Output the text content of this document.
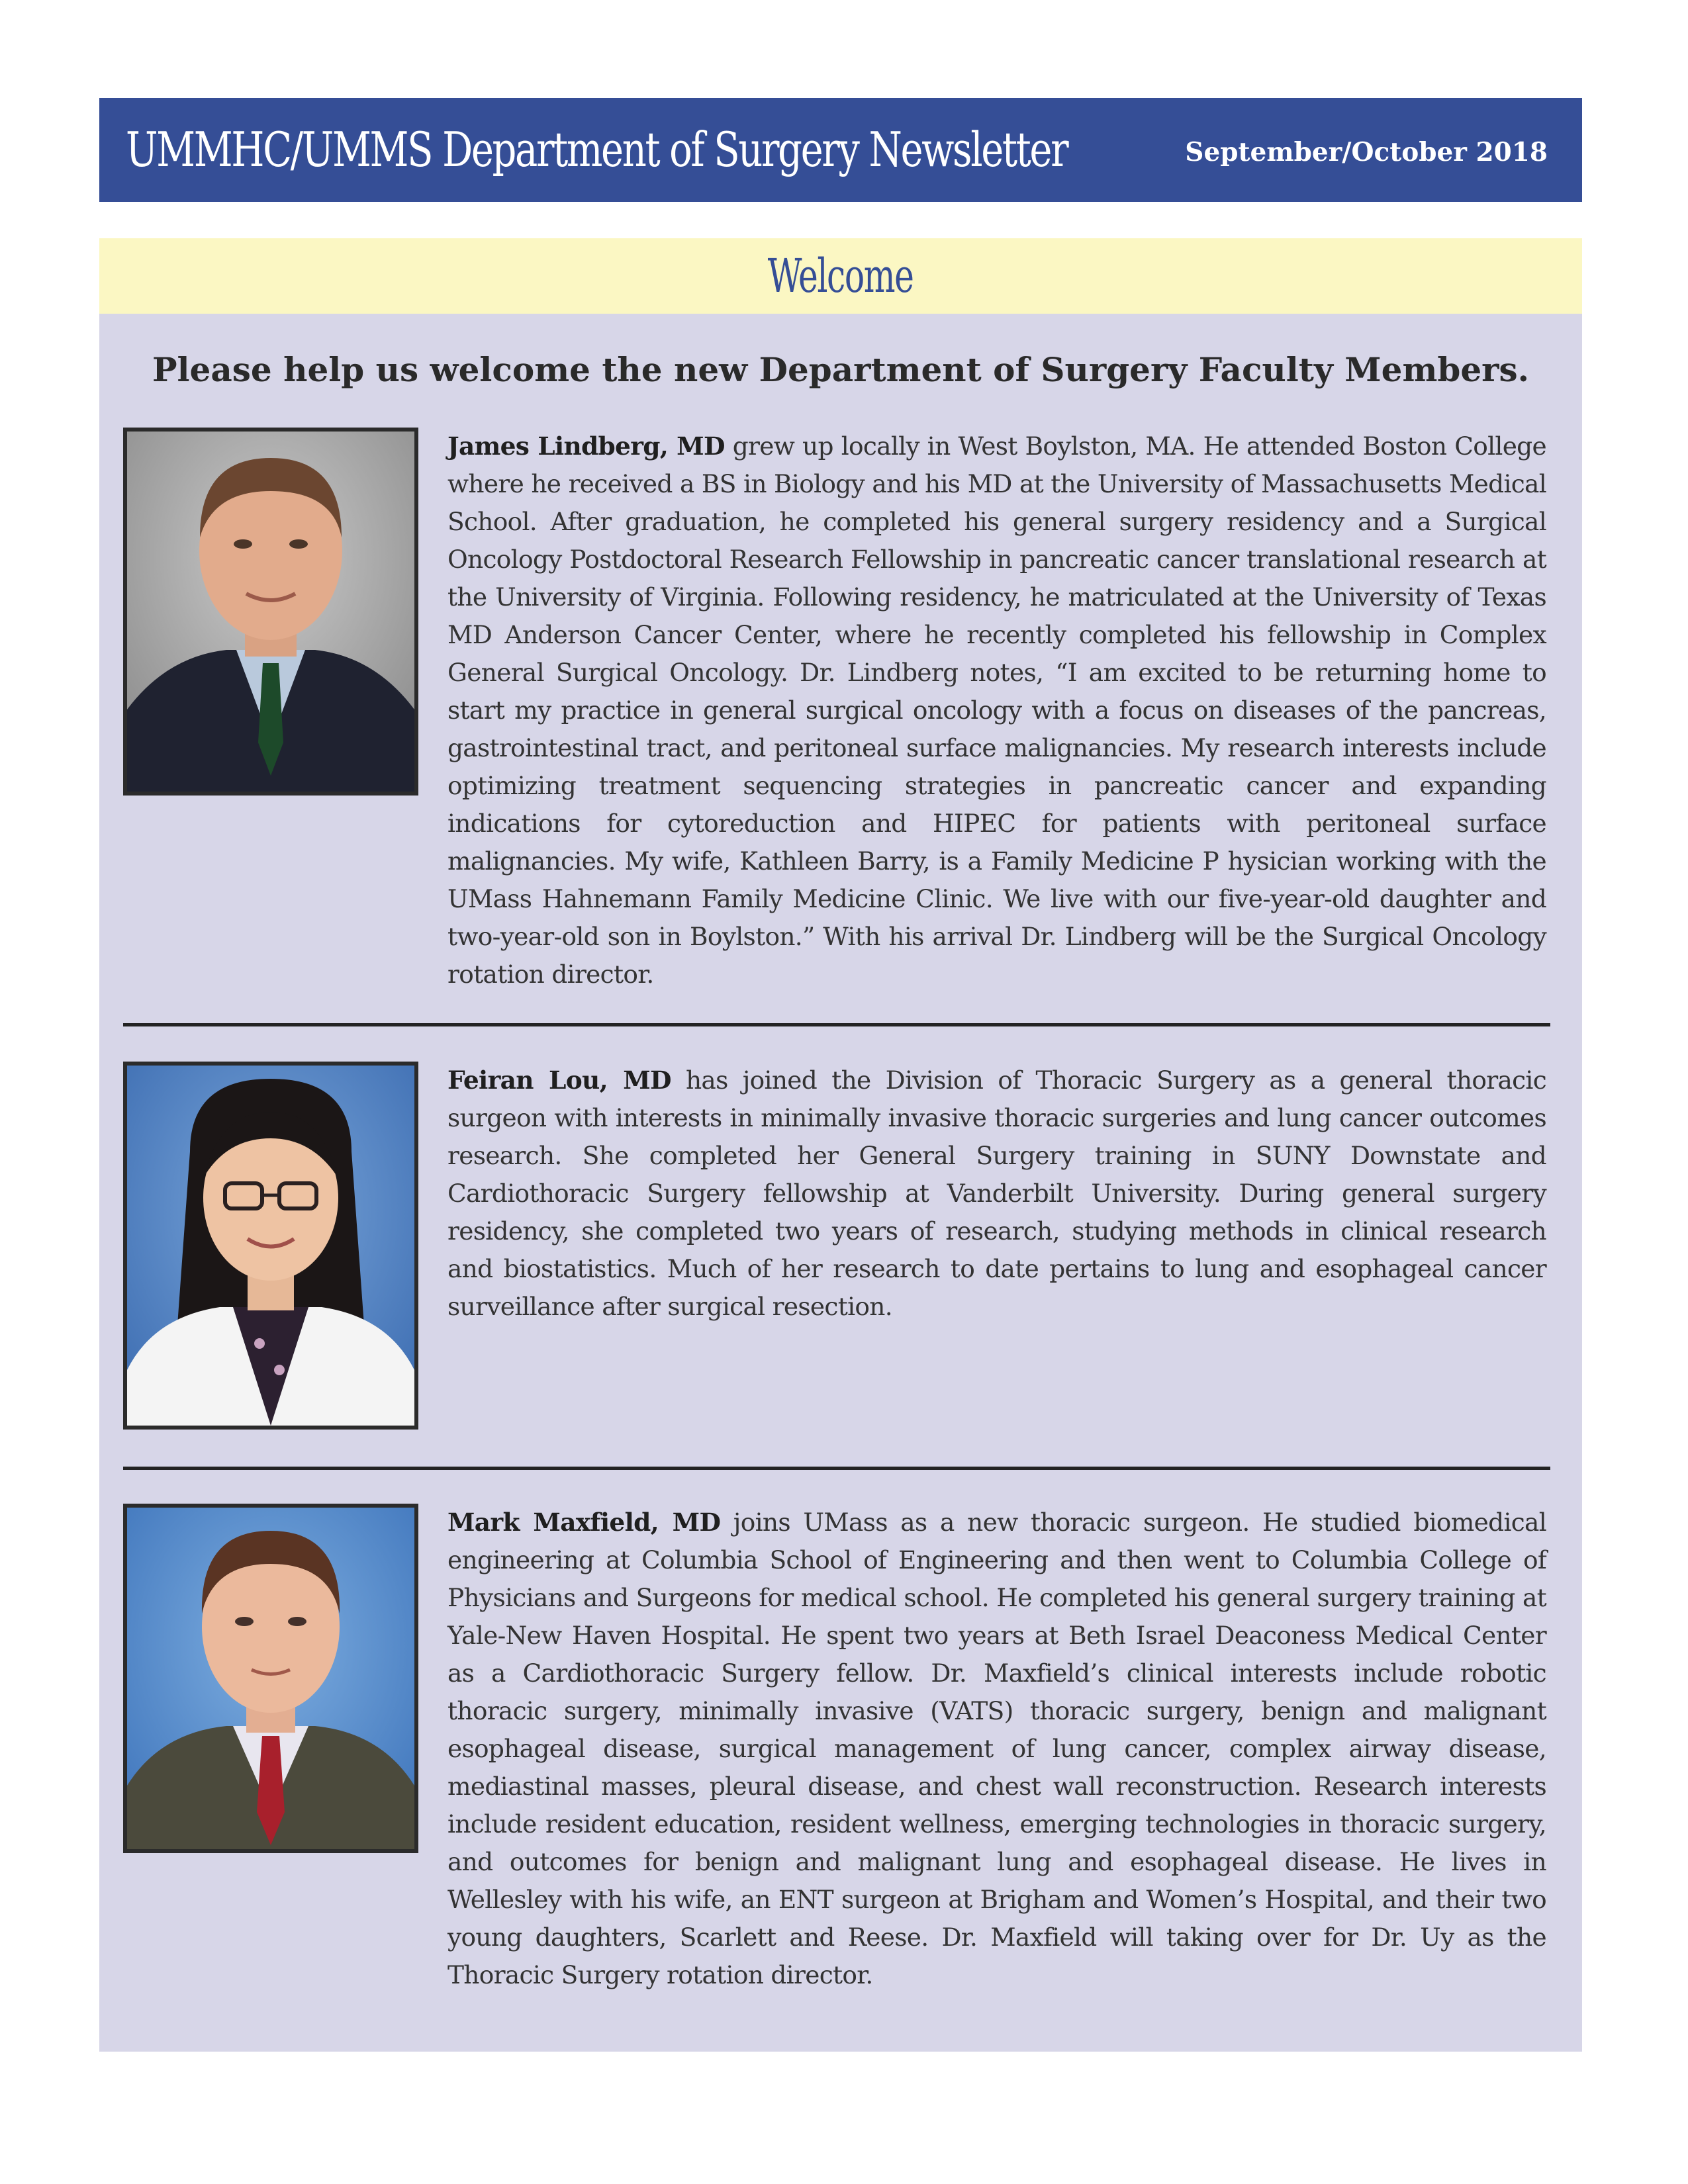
UMMHC/UMMS Department of Surgery Newsletter	September/October 2018
Welcome
Please help us welcome the new Department of Surgery Faculty Members.
James Lindberg, MD grew up locally in West Boylston, MA. He attended Boston College where he received a BS in Biology and his MD at the University of Massachusetts Medical School. After graduation, he completed his general surgery residency and a Surgical Oncology Postdoctoral Research Fellowship in pancreatic cancer translational research at the University of Virginia. Following residency, he matriculated at the University of Texas MD Anderson Cancer Center, where he recently completed his fellowship in Complex General Surgical Oncology. Dr. Lindberg notes, “I am excited to be returning home to start my practice in general surgical oncology with a focus on diseases of the pancreas, gastrointestinal tract, and peritoneal surface malignancies. My research interests include optimizing treatment sequencing strategies in pancreatic cancer and expanding indications for cytoreduction and HIPEC for patients with peritoneal surface malignancies. My wife, Kathleen Barry, is a Family Medicine P hysician working with the UMass Hahnemann Family Medicine Clinic. We live with our five-year-old daughter and two-year-old son in Boylston.” With his arrival Dr. Lindberg will be the Surgical Oncology rotation director.
Feiran Lou, MD has joined the Division of Thoracic Surgery as a general thoracic surgeon with interests in minimally invasive thoracic surgeries and lung cancer outcomes research. She completed her General Surgery training in SUNY Downstate and Cardiothoracic Surgery fellowship at Vanderbilt University. During general surgery residency, she completed two years of research, studying methods in clinical research and biostatistics. Much of her research to date pertains to lung and esophageal cancer surveillance after surgical resection.
Mark Maxfield, MD joins UMass as a new thoracic surgeon. He studied biomedical engineering at Columbia School of Engineering and then went to Columbia College of Physicians and Surgeons for medical school. He completed his general surgery training at Yale-New Haven Hospital. He spent two years at Beth Israel Deaconess Medical Center as a Cardiothoracic Surgery fellow. Dr. Maxfield’s clinical interests include robotic thoracic surgery, minimally invasive (VATS) thoracic surgery, benign and malignant esophageal disease, surgical management of lung cancer, complex airway disease, mediastinal masses, pleural disease, and chest wall reconstruction. Research interests include resident education, resident wellness, emerging technologies in thoracic surgery, and outcomes for benign and malignant lung and esophageal disease. He lives in Wellesley with his wife, an ENT surgeon at Brigham and Women’s Hospital, and their two young daughters, Scarlett and Reese. Dr. Maxfield will taking over for Dr. Uy as the Thoracic Surgery rotation director.
